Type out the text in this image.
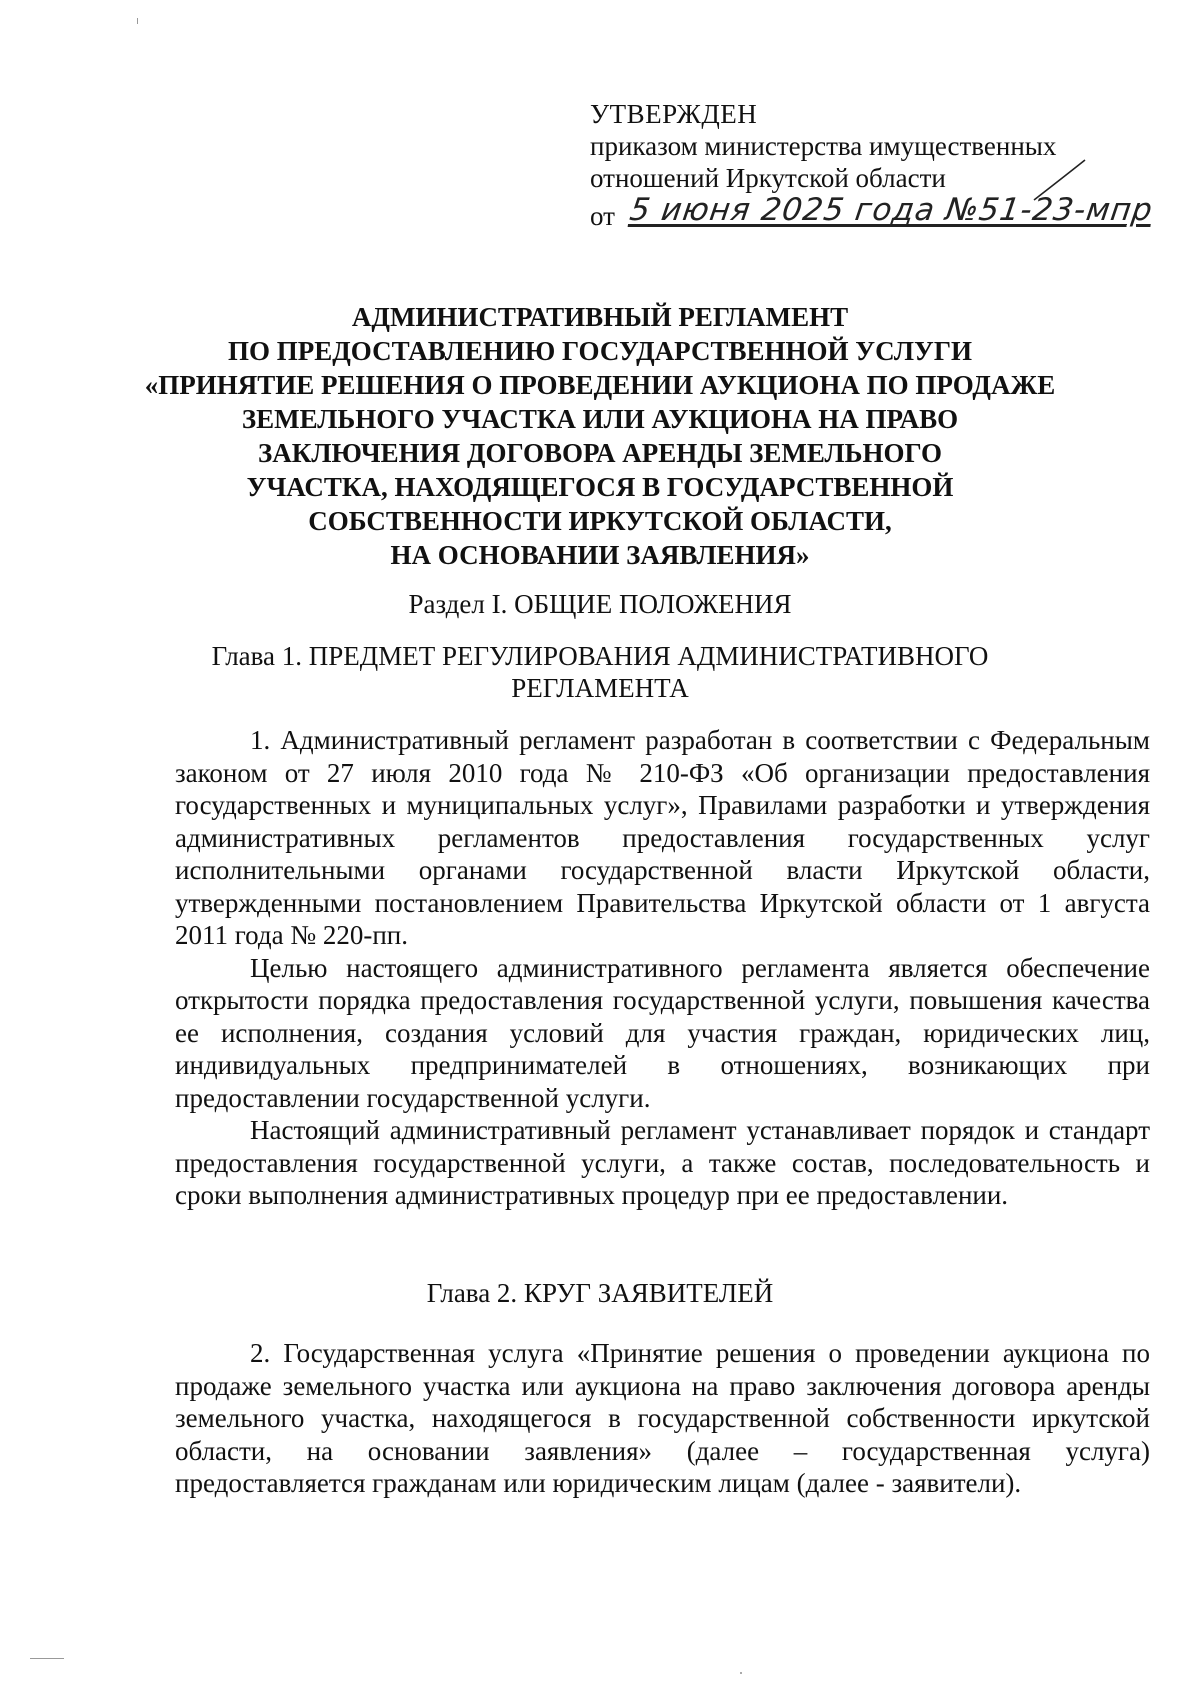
УТВЕРЖДЕН
приказом министерства имущественных
отношений Иркутской области
от 5 июня 2025 года №51-23-мпр
АДМИНИСТРАТИВНЫЙ РЕГЛАМЕНТ
ПО ПРЕДОСТАВЛЕНИЮ ГОСУДАРСТВЕННОЙ УСЛУГИ
«ПРИНЯТИЕ РЕШЕНИЯ О ПРОВЕДЕНИИ АУКЦИОНА ПО ПРОДАЖЕ
ЗЕМЕЛЬНОГО УЧАСТКА ИЛИ АУКЦИОНА НА ПРАВО
ЗАКЛЮЧЕНИЯ ДОГОВОРА АРЕНДЫ ЗЕМЕЛЬНОГО
УЧАСТКА, НАХОДЯЩЕГОСЯ В ГОСУДАРСТВЕННОЙ
СОБСТВЕННОСТИ ИРКУТСКОЙ ОБЛАСТИ,
НА ОСНОВАНИИ ЗАЯВЛЕНИЯ»
Раздел I. ОБЩИЕ ПОЛОЖЕНИЯ
Глава 1. ПРЕДМЕТ РЕГУЛИРОВАНИЯ АДМИНИСТРАТИВНОГО
РЕГЛАМЕНТА

1. Административный регламент разработан в соответствии с Федеральным законом от 27 июля 2010 года № 210-ФЗ «Об организации предоставления государственных и муниципальных услуг», Правилами разработки и утверждения административных регламентов предоставления государственных услуг исполнительными органами государственной власти Иркутской области, утвержденными постановлением Правительства Иркутской области от 1 августа 2011 года № 220-пп.

Целью настоящего административного регламента является обеспечение открытости порядка предоставления государственной услуги, повышения качества ее исполнения, создания условий для участия граждан, юридических лиц, индивидуальных предпринимателей в отношениях, возникающих при предоставлении государственной услуги.

Настоящий административный регламент устанавливает порядок и стандарт предоставления государственной услуги, а также состав, последовательность и сроки выполнения административных процедур при ее предоставлении.

Глава 2. КРУГ ЗАЯВИТЕЛЕЙ

2. Государственная услуга «Принятие решения о проведении аукциона по продаже земельного участка или аукциона на право заключения договора аренды земельного участка, находящегося в государственной собственности иркутской области, на основании заявления» (далее – государственная услуга) предоставляется гражданам или юридическим лицам (далее - заявители).
